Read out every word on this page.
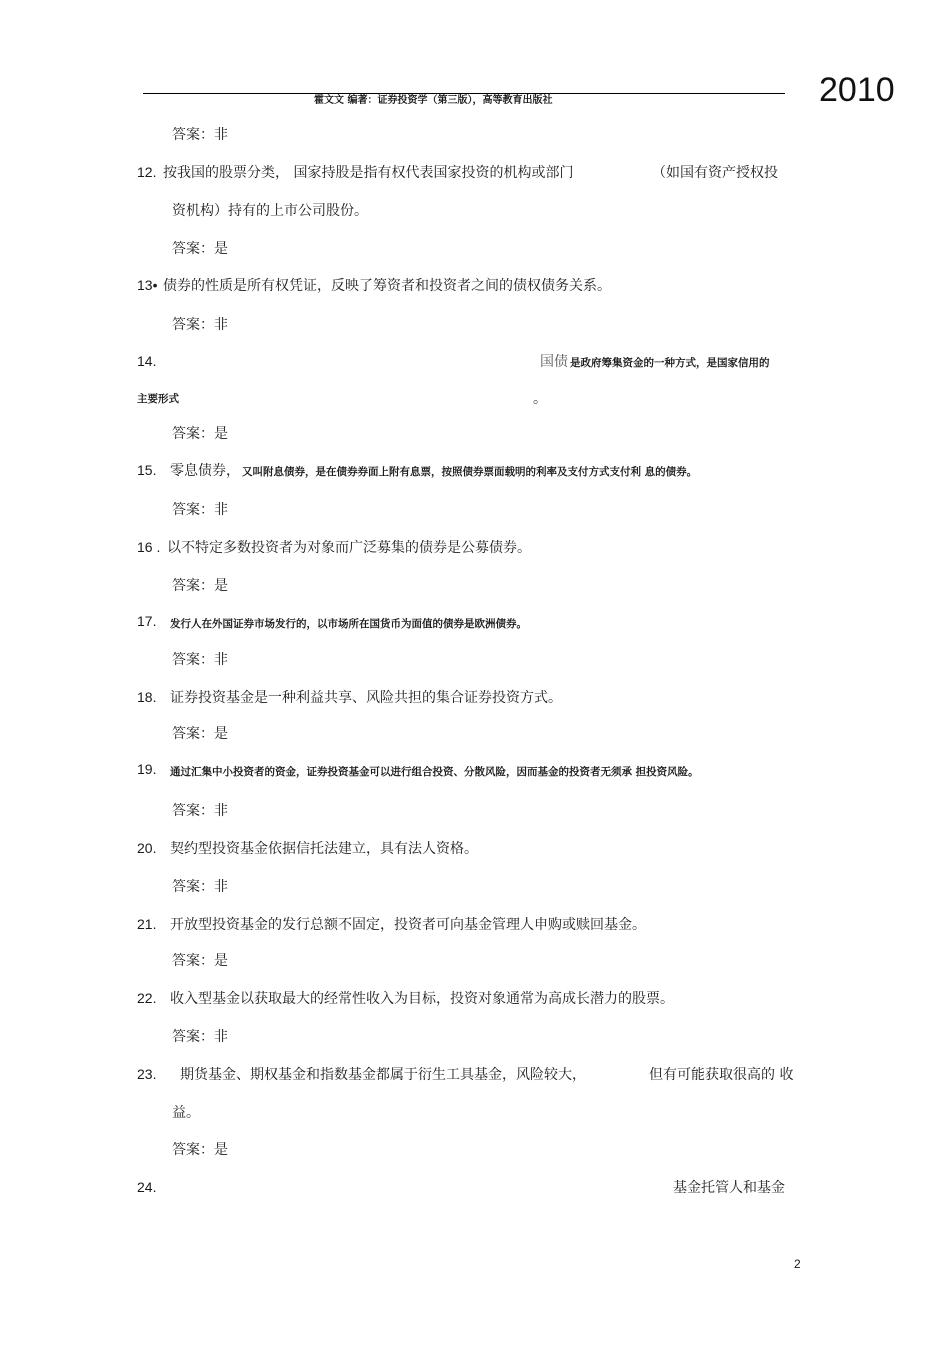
2010
霍文文 编著：证券投资学（第三版），高等教育出版社
答案：非
12. 按我国的股票分类， 国家持股是指有权代表国家投资的机构或部门	（如国有资产授权投
资机构）持有的上市公司股份。
答案：是
13• 债券的性质是所有权凭证，反映了筹资者和投资者之间的债权债务关系。
答案：非
14.	国债 是政府筹集资金的一种方式，是国家信用的
主要形式	。
答案：是
15. 零息债券， 又叫附息债券，是在债券券面上附有息票，按照债券票面载明的利率及支付方式支付利 息的债券。
答案：非
16 . 以不特定多数投资者为对象而广泛募集的债券是公募债券。
答案：是
17. 发行人在外国证券市场发行的，以市场所在国货币为面值的债券是欧洲债券。
答案：非
18. 证券投资基金是一种利益共享、风险共担的集合证券投资方式。
答案：是
19. 通过汇集中小投资者的资金，证券投资基金可以进行组合投资、分散风险，因而基金的投资者无须承 担投资风险。
答案：非
20. 契约型投资基金依据信托法建立，具有法人资格。
答案：非
21. 开放型投资基金的发行总额不固定，投资者可向基金管理人申购或赎回基金。
答案：是
22. 收入型基金以获取最大的经常性收入为目标，投资对象通常为高成长潜力的股票。
答案：非
23. 期货基金、期权基金和指数基金都属于衍生工具基金，风险较大，	但有可能获取很高的 收
益。
答案：是
24.	基金托管人和基金
2
